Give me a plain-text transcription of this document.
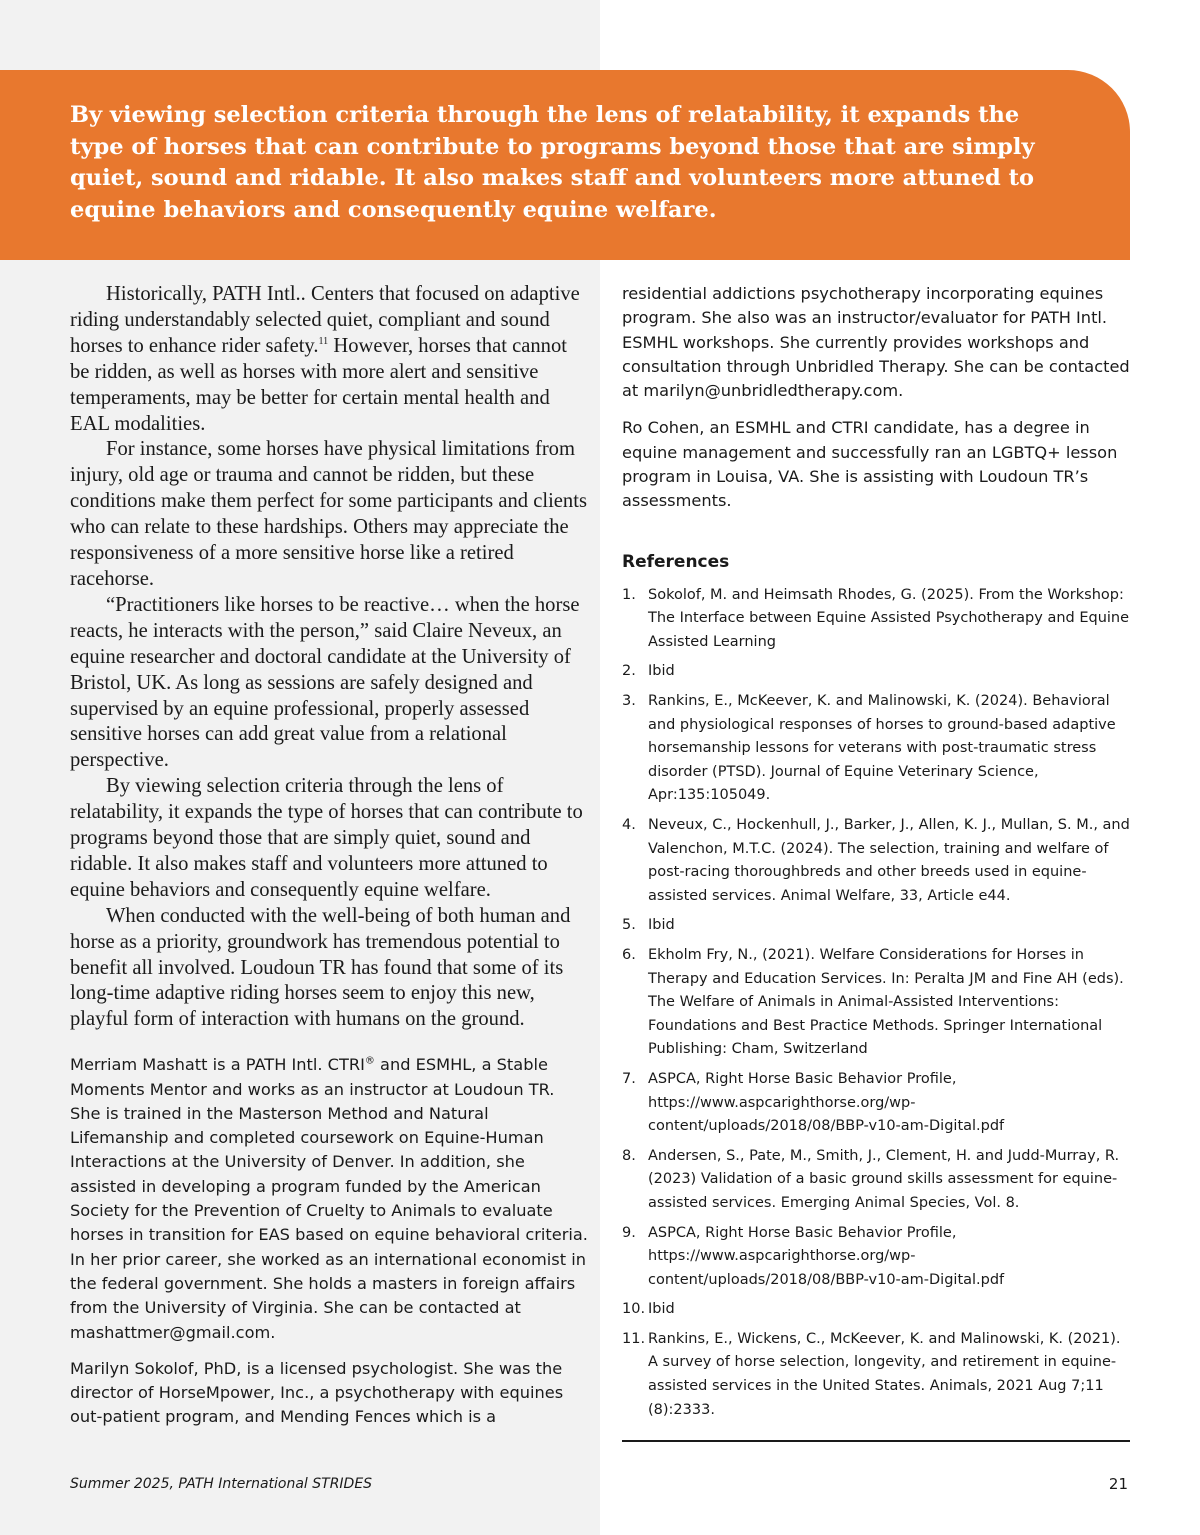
By viewing selection criteria through the lens of relatability, it expands the type of horses that can contribute to programs beyond those that are simply quiet, sound and ridable. It also makes staff and volunteers more attuned to equine behaviors and consequently equine welfare.

Historically, PATH Intl.. Centers that focused on adaptive riding understandably selected quiet, compliant and sound horses to enhance rider safety.$^{11}$ However, horses that cannot be ridden, as well as horses with more alert and sensitive temperaments, may be better for certain mental health and EAL modalities.

For instance, some horses have physical limitations from injury, old age or trauma and cannot be ridden, but these conditions make them perfect for some participants and clients who can relate to these hardships. Others may appreciate the responsiveness of a more sensitive horse like a retired racehorse.

“Practitioners like horses to be reactive… when the horse reacts, he interacts with the person,” said Claire Neveux, an equine researcher and doctoral candidate at the University of Bristol, UK. As long as sessions are safely designed and supervised by an equine professional, properly assessed sensitive horses can add great value from a relational perspective.

By viewing selection criteria through the lens of relatability, it expands the type of horses that can contribute to programs beyond those that are simply quiet, sound and ridable. It also makes staff and volunteers more attuned to equine behaviors and consequently equine welfare.

When conducted with the well-being of both human and horse as a priority, groundwork has tremendous potential to benefit all involved. Loudoun TR has found that some of its long-time adaptive riding horses seem to enjoy this new, playful form of interaction with humans on the ground.

Merriam Mashatt is a PATH Intl. CTRI® and ESMHL, a Stable Moments Mentor and works as an instructor at Loudoun TR. She is trained in the Masterson Method and Natural Lifemanship and completed coursework on Equine-Human Interactions at the University of Denver. In addition, she assisted in developing a program funded by the American Society for the Prevention of Cruelty to Animals to evaluate horses in transition for EAS based on equine behavioral criteria. In her prior career, she worked as an international economist in the federal government. She holds a masters in foreign affairs from the University of Virginia. She can be contacted at mashattmer@gmail.com.

Marilyn Sokolof, PhD, is a licensed psychologist. She was the director of HorseMpower, Inc., a psychotherapy with equines out-patient program, and Mending Fences which is a

residential addictions psychotherapy incorporating equines program. She also was an instructor/evaluator for PATH Intl. ESMHL workshops. She currently provides workshops and consultation through Unbridled Therapy. She can be contacted at marilyn@unbridledtherapy.com.

Ro Cohen, an ESMHL and CTRI candidate, has a degree in equine management and successfully ran an LGBTQ+ lesson program in Louisa, VA. She is assisting with Loudoun TR’s assessments.

References
1. Sokolof, M. and Heimsath Rhodes, G. (2025). From the Workshop: The Interface between Equine Assisted Psychotherapy and Equine Assisted Learning
2. Ibid
3. Rankins, E., McKeever, K. and Malinowski, K. (2024). Behavioral and physiological responses of horses to ground-based adaptive horsemanship lessons for veterans with post-traumatic stress disorder (PTSD). Journal of Equine Veterinary Science, Apr:135:105049.
4. Neveux, C., Hockenhull, J., Barker, J., Allen, K. J., Mullan, S. M., and Valenchon, M.T.C. (2024). The selection, training and welfare of post-racing thoroughbreds and other breeds used in equine-assisted services. Animal Welfare, 33, Article e44.
5. Ibid
6. Ekholm Fry, N., (2021). Welfare Considerations for Horses in Therapy and Education Services. In: Peralta JM and Fine AH (eds). The Welfare of Animals in Animal-Assisted Interventions: Foundations and Best Practice Methods. Springer International Publishing: Cham, Switzerland
7. ASPCA, Right Horse Basic Behavior Profile, https://www.aspcarighthorse.org/wp-content/uploads/2018/08/BBP-v10-am-Digital.pdf
8. Andersen, S., Pate, M., Smith, J., Clement, H. and Judd-Murray, R. (2023) Validation of a basic ground skills assessment for equine-assisted services. Emerging Animal Species, Vol. 8.
9. ASPCA, Right Horse Basic Behavior Profile, https://www.aspcarighthorse.org/wp-content/uploads/2018/08/BBP-v10-am-Digital.pdf
10. Ibid
11. Rankins, E., Wickens, C., McKeever, K. and Malinowski, K. (2021). A survey of horse selection, longevity, and retirement in equine-assisted services in the United States. Animals, 2021 Aug 7;11 (8):2333.
Summer 2025, PATH International STRIDES	21
